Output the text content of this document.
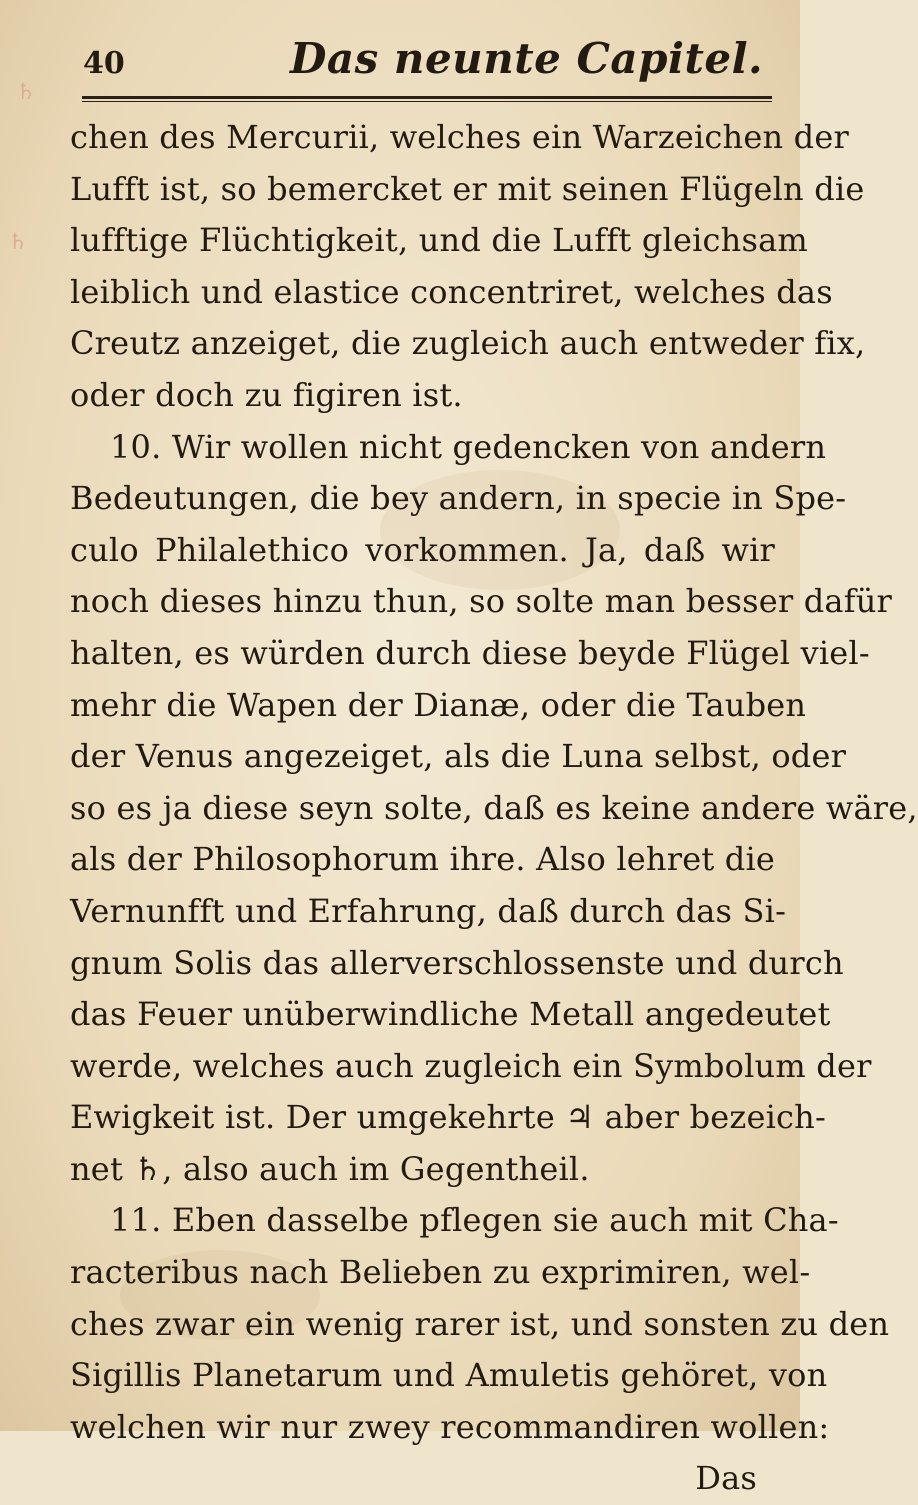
♄
♄
40	Das neunte Capitel.
chen des Mercurii, welches ein Warzeichen der
Lufft ist, so bemercket er mit seinen Flügeln die
lufftige Flüchtigkeit, und die Lufft gleichsam
leiblich und elastice concentriret, welches das
Creutz anzeiget, die zugleich auch entweder fix,
oder doch zu figiren ist.
10. Wir wollen nicht gedencken von andern
Bedeutungen, die bey andern, in specie in Spe-
culo Philalethico vorkommen. Ja, daß wir
noch dieses hinzu thun, so solte man besser dafür
halten, es würden durch diese beyde Flügel viel-
mehr die Wapen der Dianæ, oder die Tauben
der Venus angezeiget, als die Luna selbst, oder
so es ja diese seyn solte, daß es keine andere wäre,
als der Philosophorum ihre. Also lehret die
Vernunfft und Erfahrung, daß durch das Si-
gnum Solis das allerverschlossenste und durch
das Feuer unüberwindliche Metall angedeutet
werde, welches auch zugleich ein Symbolum der
Ewigkeit ist. Der umgekehrte ♃ aber bezeich-
net ♄, also auch im Gegentheil.
11. Eben dasselbe pflegen sie auch mit Cha-
racteribus nach Belieben zu exprimiren, wel-
ches zwar ein wenig rarer ist, und sonsten zu den
Sigillis Planetarum und Amuletis gehöret, von
welchen wir nur zwey recommandiren wollen:
Das
